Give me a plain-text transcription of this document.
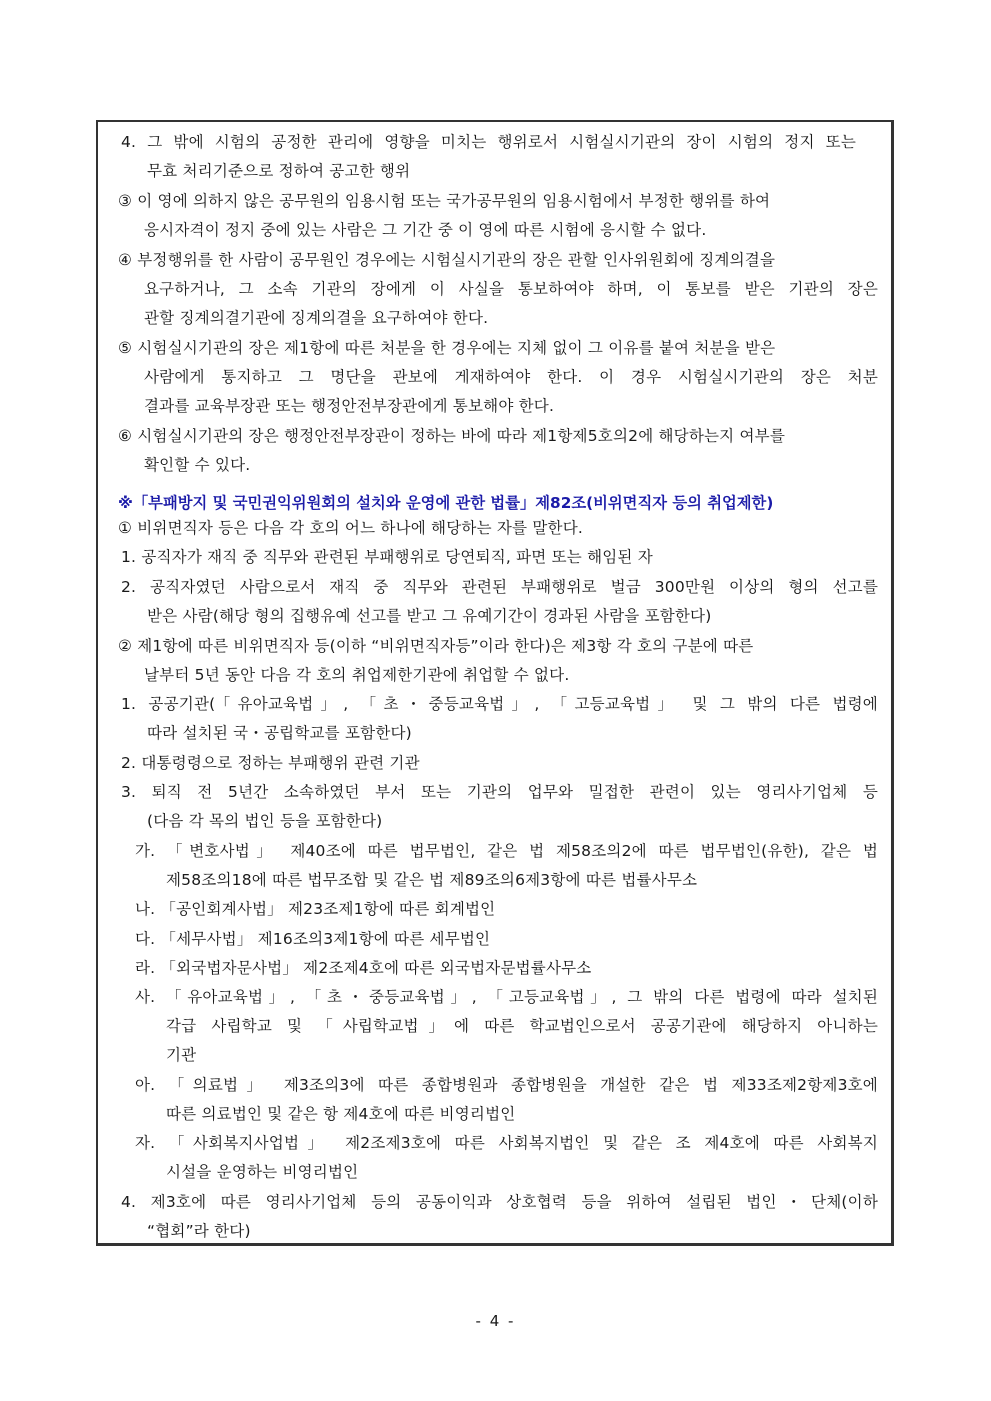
4. 그 밖에 시험의 공정한 관리에 영향을 미치는 행위로서 시험실시기관의 장이 시험의 정지 또는
무효 처리기준으로 정하여 공고한 행위
③ 이 영에 의하지 않은 공무원의 임용시험 또는 국가공무원의 임용시험에서 부정한 행위를 하여
응시자격이 정지 중에 있는 사람은 그 기간 중 이 영에 따른 시험에 응시할 수 없다.
④ 부정행위를 한 사람이 공무원인 경우에는 시험실시기관의 장은 관할 인사위원회에 징계의결을
요구하거나, 그 소속 기관의 장에게 이 사실을 통보하여야 하며, 이 통보를 받은 기관의 장은
관할 징계의결기관에 징계의결을 요구하여야 한다.
⑤ 시험실시기관의 장은 제1항에 따른 처분을 한 경우에는 지체 없이 그 이유를 붙여 처분을 받은
사람에게 통지하고 그 명단을 관보에 게재하여야 한다. 이 경우 시험실시기관의 장은 처분
결과를 교육부장관 또는 행정안전부장관에게 통보해야 한다.
⑥ 시험실시기관의 장은 행정안전부장관이 정하는 바에 따라 제1항제5호의2에 해당하는지 여부를
확인할 수 있다.
※「부패방지 및 국민권익위원회의 설치와 운영에 관한 법률」제82조(비위면직자 등의 취업제한)
① 비위면직자 등은 다음 각 호의 어느 하나에 해당하는 자를 말한다.
1. 공직자가 재직 중 직무와 관련된 부패행위로 당연퇴직, 파면 또는 해임된 자
2. 공직자였던 사람으로서 재직 중 직무와 관련된 부패행위로 벌금 300만원 이상의 형의 선고를
받은 사람(해당 형의 집행유예 선고를 받고 그 유예기간이 경과된 사람을 포함한다)
② 제1항에 따른 비위면직자 등(이하 “비위면직자등”이라 한다)은 제3항 각 호의 구분에 따른
날부터 5년 동안 다음 각 호의 취업제한기관에 취업할 수 없다.
1. 공공기관(「유아교육법」, 「초・중등교육법」, 「고등교육법」 및 그 밖의 다른 법령에
따라 설치된 국・공립학교를 포함한다)
2. 대통령령으로 정하는 부패행위 관련 기관
3. 퇴직 전 5년간 소속하였던 부서 또는 기관의 업무와 밀접한 관련이 있는 영리사기업체 등
(다음 각 목의 법인 등을 포함한다)
가. 「변호사법」 제40조에 따른 법무법인, 같은 법 제58조의2에 따른 법무법인(유한), 같은 법
제58조의18에 따른 법무조합 및 같은 법 제89조의6제3항에 따른 법률사무소
나. 「공인회계사법」 제23조제1항에 따른 회계법인
다. 「세무사법」 제16조의3제1항에 따른 세무법인
라. 「외국법자문사법」 제2조제4호에 따른 외국법자문법률사무소
사. 「유아교육법」, 「초・중등교육법」, 「고등교육법」, 그 밖의 다른 법령에 따라 설치된
각급 사립학교 및 「사립학교법」에 따른 학교법인으로서 공공기관에 해당하지 아니하는
기관
아. 「의료법」 제3조의3에 따른 종합병원과 종합병원을 개설한 같은 법 제33조제2항제3호에
따른 의료법인 및 같은 항 제4호에 따른 비영리법인
자. 「사회복지사업법」 제2조제3호에 따른 사회복지법인 및 같은 조 제4호에 따른 사회복지
시설을 운영하는 비영리법인
4. 제3호에 따른 영리사기업체 등의 공동이익과 상호협력 등을 위하여 설립된 법인・단체(이하
“협회”라 한다)
- 4 -
